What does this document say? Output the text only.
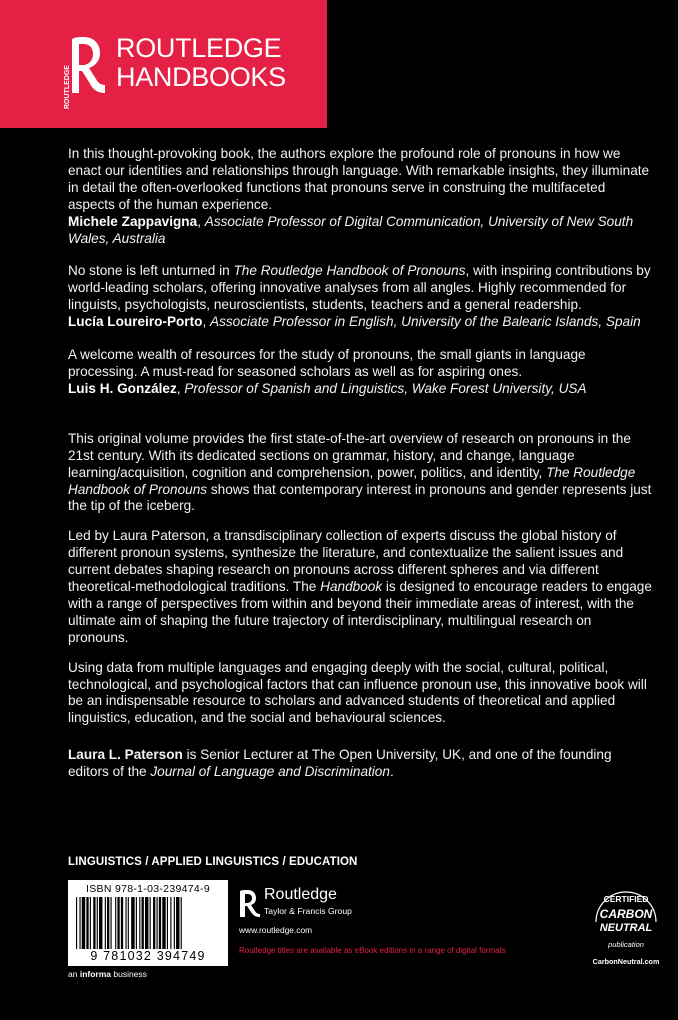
ROUTLEDGE
ROUTLEDGE
HANDBOOKS

In this thought-provoking book, the authors explore the profound role of pronouns in how we enact our identities and relationships through language. With remarkable insights, they illuminate in detail the often-overlooked functions that pronouns serve in construing the multifaceted aspects of the human experience.

Michele Zappavigna, Associate Professor of Digital Communication, University of New South Wales, Australia

No stone is left unturned in The Routledge Handbook of Pronouns, with inspiring contributions by world-leading scholars, offering innovative analyses from all angles. Highly recommended for linguists, psychologists, neuroscientists, students, teachers and a general readership.

Lucía Loureiro-Porto, Associate Professor in English, University of the Balearic Islands, Spain

A welcome wealth of resources for the study of pronouns, the small giants in language processing. A must-read for seasoned scholars as well as for aspiring ones.

Luis H. González, Professor of Spanish and Linguistics, Wake Forest University, USA

This original volume provides the first state-of-the-art overview of research on pronouns in the 21st century. With its dedicated sections on grammar, history, and change, language learning/acquisition, cognition and comprehension, power, politics, and identity, The Routledge Handbook of Pronouns shows that contemporary interest in pronouns and gender represents just the tip of the iceberg.

Led by Laura Paterson, a transdisciplinary collection of experts discuss the global history of different pronoun systems, synthesize the literature, and contextualize the salient issues and current debates shaping research on pronouns across different spheres and via different theoretical-methodological traditions. The Handbook is designed to encourage readers to engage with a range of perspectives from within and beyond their immediate areas of interest, with the ultimate aim of shaping the future trajectory of interdisciplinary, multilingual research on pronouns.

Using data from multiple languages and engaging deeply with the social, cultural, political, technological, and psychological factors that can influence pronoun use, this innovative book will be an indispensable resource to scholars and advanced students of theoretical and applied linguistics, education, and the social and behavioural sciences.

Laura L. Paterson is Senior Lecturer at The Open University, UK, and one of the founding editors of the Journal of Language and Discrimination.

LINGUISTICS / APPLIED LINGUISTICS / EDUCATION
ISBN 978-1-03-239474-9
9 781032 394749
an informa business
Routledge
Taylor & Francis Group
www.routledge.com
Routledge titles are available as eBook editions in a range of digital formats
CERTIFIED
CARBON
NEUTRAL
publication
CarbonNeutral.com
